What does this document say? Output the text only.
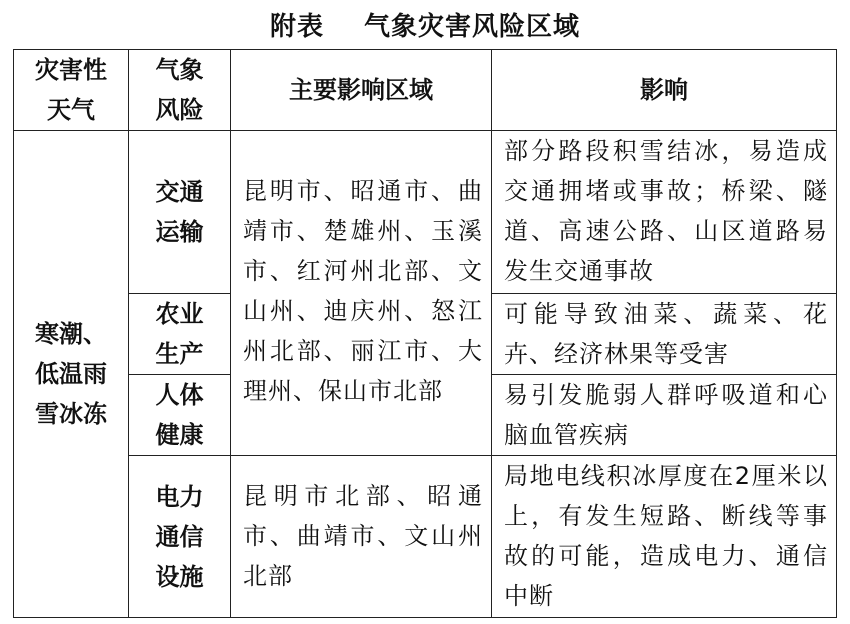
附表 气象灾害风险区域
灾害性天气	气象风险	主要影响区域	影响

寒潮、低温雨雪冰冻	交通运输	昆明市、昭通市、曲靖市、楚雄州、玉溪市、红河州北部、文山州、迪庆州、怒江州北部、丽江市、大理州、保山市北部	部分路段积雪结冰，易造成交通拥堵或事故；桥梁、隧道、高速公路、山区道路易发生交通事故

	农业生产		可能导致油菜、蔬菜、花卉、经济林果等受害

	人体健康		易引发脆弱人群呼吸道和心脑血管疾病

	电力通信设施	昆明市北部、昭通市、曲靖市、文山州北部	局地电线积冰厚度在2厘米以上，有发生短路、断线等事故的可能，造成电力、通信中断
